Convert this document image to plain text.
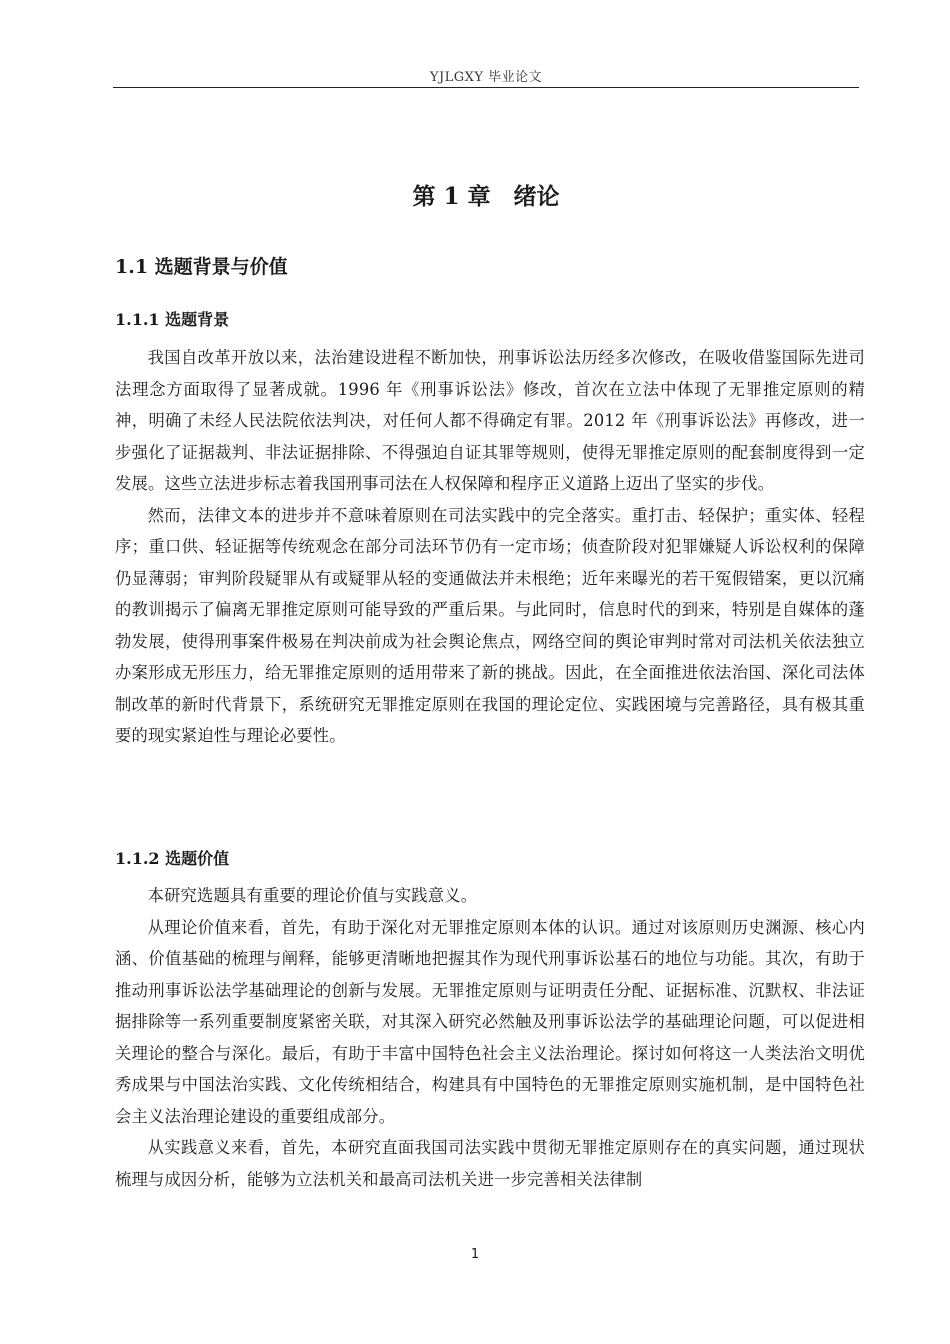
YJLGXY 毕业论文
第 1 章　绪论
1.1 选题背景与价值
1.1.1 选题背景

我国自改革开放以来，法治建设进程不断加快，刑事诉讼法历经多次修改，在吸收借鉴国际先进司法理念方面取得了显著成就。1996 年《刑事诉讼法》修改，首次在立法中体现了无罪推定原则的精神，明确了未经人民法院依法判决，对任何人都不得确定有罪。2012 年《刑事诉讼法》再修改，进一步强化了证据裁判、非法证据排除、不得强迫自证其罪等规则，使得无罪推定原则的配套制度得到一定发展。这些立法进步标志着我国刑事司法在人权保障和程序正义道路上迈出了坚实的步伐。

然而，法律文本的进步并不意味着原则在司法实践中的完全落实。重打击、轻保护；重实体、轻程序；重口供、轻证据等传统观念在部分司法环节仍有一定市场；侦查阶段对犯罪嫌疑人诉讼权利的保障仍显薄弱；审判阶段疑罪从有或疑罪从轻的变通做法并未根绝；近年来曝光的若干冤假错案，更以沉痛的教训揭示了偏离无罪推定原则可能导致的严重后果。与此同时，信息时代的到来，特别是自媒体的蓬勃发展，使得刑事案件极易在判决前成为社会舆论焦点，网络空间的舆论审判时常对司法机关依法独立办案形成无形压力，给无罪推定原则的适用带来了新的挑战。因此，在全面推进依法治国、深化司法体制改革的新时代背景下，系统研究无罪推定原则在我国的理论定位、实践困境与完善路径，具有极其重要的现实紧迫性与理论必要性。

1.1.2 选题价值

本研究选题具有重要的理论价值与实践意义。

从理论价值来看，首先，有助于深化对无罪推定原则本体的认识。通过对该原则历史渊源、核心内涵、价值基础的梳理与阐释，能够更清晰地把握其作为现代刑事诉讼基石的地位与功能。其次，有助于推动刑事诉讼法学基础理论的创新与发展。无罪推定原则与证明责任分配、证据标准、沉默权、非法证据排除等一系列重要制度紧密关联，对其深入研究必然触及刑事诉讼法学的基础理论问题，可以促进相关理论的整合与深化。最后，有助于丰富中国特色社会主义法治理论。探讨如何将这一人类法治文明优秀成果与中国法治实践、文化传统相结合，构建具有中国特色的无罪推定原则实施机制，是中国特色社会主义法治理论建设的重要组成部分。

从实践意义来看，首先，本研究直面我国司法实践中贯彻无罪推定原则存在的真实问题，通过现状梳理与成因分析，能够为立法机关和最高司法机关进一步完善相关法律制

1
